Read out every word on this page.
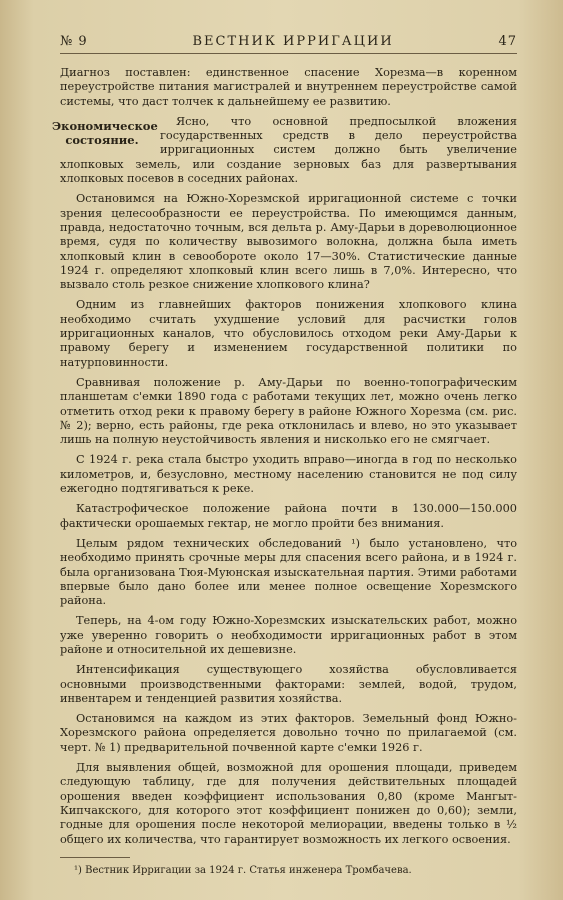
№ 9	ВЕСТНИК ИРРИГАЦИИ	47

Диагноз поставлен: единственное спасение Хорезма—в коренном переустройстве питания магистралей и внутреннем переустройстве самой системы, что даст толчек к дальнейшему ее развитию.

Экономическое состояние.

Ясно, что основной предпосылкой вложения государственных средств в дело переустройства ирригационных систем должно быть увеличение хлопковых земель, или создание зерновых баз для развертывания хлопковых посевов в соседних районах.

Остановимся на Южно-Хорезмской ирригационной системе с точки зрения целесообразности ее переустройства. По имеющимся данным, правда, недостаточно точным, вся дельта р. Аму-Дарьи в дореволюционное время, судя по количеству вывозимого волокна, должна была иметь хлопковый клин в севообороте около 17—30%. Статистические данные 1924 г. определяют хлопковый клин всего лишь в 7,0%. Интересно, что вызвало столь резкое снижение хлопкового клина?

Одним из главнейших факторов понижения хлопкового клина необходимо считать ухудшение условий для расчистки голов ирригационных каналов, что обусловилось отходом реки Аму-Дарьи к правому берегу и изменением государственной политики по натурповинности.

Сравнивая положение р. Аму-Дарьи по военно-топографическим планшетам с'емки 1890 года с работами текущих лет, можно очень легко отметить отход реки к правому берегу в районе Южного Хорезма (см. рис. № 2); верно, есть районы, где река отклонилась и влево, но это указывает лишь на полную неустойчивость явления и нисколько его не смягчает.

С 1924 г. река стала быстро уходить вправо—иногда в год по несколько километров, и, безусловно, местному населению становится не под силу ежегодно подтягиваться к реке.

Катастрофическое положение района почти в 130.000—150.000 фактически орошаемых гектар, не могло пройти без внимания.

Целым рядом технических обследований ¹) было установлено, что необходимо принять срочные меры для спасения всего района, и в 1924 г. была организована Тюя-Муюнская изыскательная партия. Этими работами впервые было дано более или менее полное освещение Хорезмского района.

Теперь, на 4-ом году Южно-Хорезмских изыскательских работ, можно уже уверенно говорить о необходимости ирригационных работ в этом районе и относительной их дешевизне.

Интенсификация существующего хозяйства обусловливается основными производственными факторами: землей, водой, трудом, инвентарем и тенденцией развития хозяйства.

Остановимся на каждом из этих факторов. Земельный фонд Южно-Хорезмского района определяется довольно точно по прилагаемой (см. черт. № 1) предварительной почвенной карте с'емки 1926 г.

Для выявления общей, возможной для орошения площади, приведем следующую таблицу, где для получения действительных площадей орошения введен коэффициент использования 0,80 (кроме Мангыт-Кипчакского, для которого этот коэффициент понижен до 0,60); земли, годные для орошения после некоторой мелиорации, введены только в ½ общего их количества, что гарантирует возможность их легкого освоения.

¹) Вестник Ирригации за 1924 г. Статья инженера Тромбачева.
